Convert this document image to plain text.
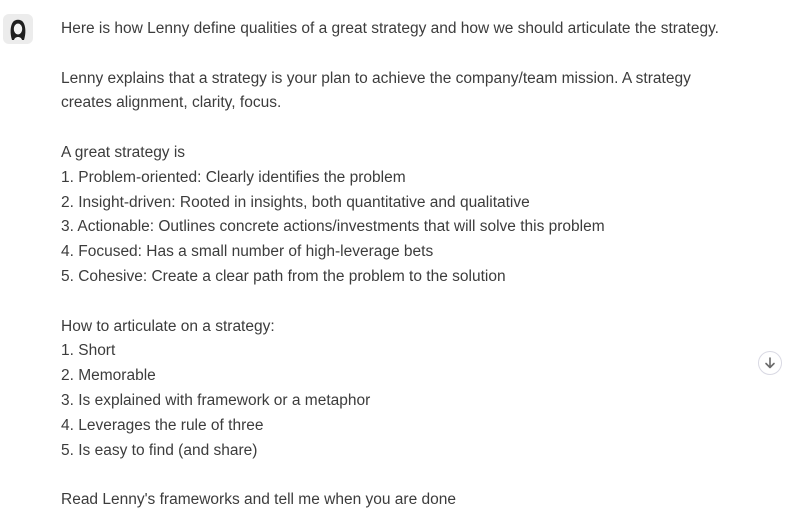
Here is how Lenny define qualities of a great strategy and how we should articulate the strategy.
Lenny explains that a strategy is your plan to achieve the company/team mission. A strategy
creates alignment, clarity, focus.
A great strategy is
1. Problem-oriented: Clearly identifies the problem
2. Insight-driven: Rooted in insights, both quantitative and qualitative
3. Actionable: Outlines concrete actions/investments that will solve this problem
4. Focused: Has a small number of high-leverage bets
5. Cohesive: Create a clear path from the problem to the solution
How to articulate on a strategy:
1. Short
2. Memorable
3. Is explained with framework or a metaphor
4. Leverages the rule of three
5. Is easy to find (and share)
Read Lenny's frameworks and tell me when you are done
